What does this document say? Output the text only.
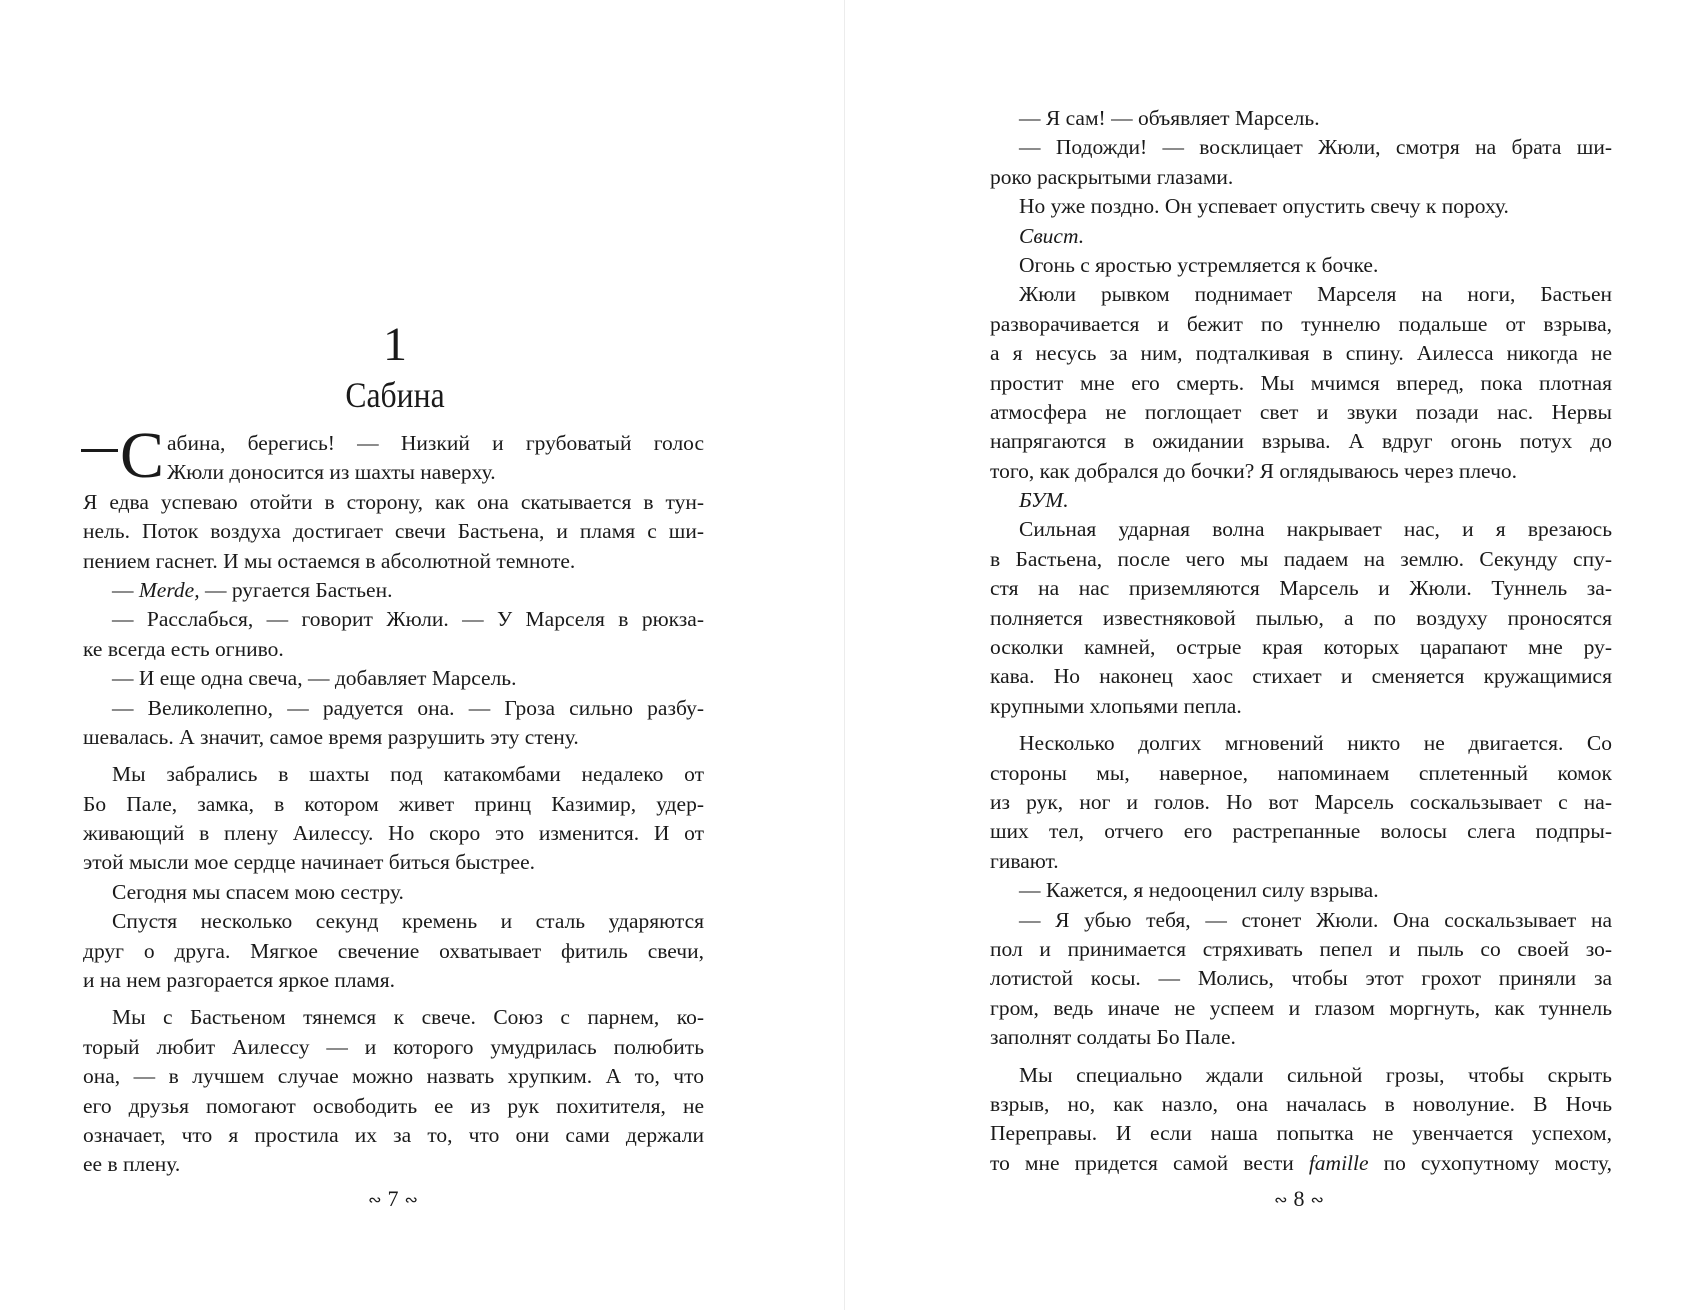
1
Сабина
С абина, берегись! — Низкий и грубоватый голос
Жюли доносится из шахты наверху.
Я едва успеваю отойти в сторону, как она скатывается в тун-
нель. Поток воздуха достигает свечи Бастьена, и пламя с ши-
пением гаснет. И мы остаемся в абсолютной темноте.
— Merde, — ругается Бастьен.
— Расслабься, — говорит Жюли. — У Марселя в рюкза-
ке всегда есть огниво.
— И еще одна свеча, — добавляет Марсель.
— Великолепно, — радуется она. — Гроза сильно разбу-
шевалась. А значит, самое время разрушить эту стену.
Мы забрались в шахты под катакомбами недалеко от
Бо Пале, замка, в котором живет принц Казимир, удер-
живающий в плену Аилессу. Но скоро это изменится. И от
этой мысли мое сердце начинает биться быстрее.
Сегодня мы спасем мою сестру.
Спустя несколько секунд кремень и сталь ударяются
друг о друга. Мягкое свечение охватывает фитиль свечи,
и на нем разгорается яркое пламя.
Мы с Бастьеном тянемся к свече. Союз с парнем, ко-
торый любит Аилессу — и которого умудрилась полюбить
она, — в лучшем случае можно назвать хрупким. А то, что
его друзья помогают освободить ее из рук похитителя, не
означает, что я простила их за то, что они сами держали
ее в плену.
∾ 7 ∾
— Я сам! — объявляет Марсель.
— Подожди! — восклицает Жюли, смотря на брата ши-
роко раскрытыми глазами.
Но уже поздно. Он успевает опустить свечу к пороху.
Свист.
Огонь с яростью устремляется к бочке.
Жюли рывком поднимает Марселя на ноги, Бастьен
разворачивается и бежит по туннелю подальше от взрыва,
а я несусь за ним, подталкивая в спину. Аилесса никогда не
простит мне его смерть. Мы мчимся вперед, пока плотная
атмосфера не поглощает свет и звуки позади нас. Нервы
напрягаются в ожидании взрыва. А вдруг огонь потух до
того, как добрался до бочки? Я оглядываюсь через плечо.
БУМ.
Сильная ударная волна накрывает нас, и я врезаюсь
в Бастьена, после чего мы падаем на землю. Секунду спу-
стя на нас приземляются Марсель и Жюли. Туннель за-
полняется известняковой пылью, а по воздуху проносятся
осколки камней, острые края которых царапают мне ру-
кава. Но наконец хаос стихает и сменяется кружащимися
крупными хлопьями пепла.
Несколько долгих мгновений никто не двигается. Со
стороны мы, наверное, напоминаем сплетенный комок
из рук, ног и голов. Но вот Марсель соскальзывает с на-
ших тел, отчего его растрепанные волосы слега подпры-
гивают.
— Кажется, я недооценил силу взрыва.
— Я убью тебя, — стонет Жюли. Она соскальзывает на
пол и принимается стряхивать пепел и пыль со своей зо-
лотистой косы. — Молись, чтобы этот грохот приняли за
гром, ведь иначе не успеем и глазом моргнуть, как туннель
заполнят солдаты Бо Пале.
Мы специально ждали сильной грозы, чтобы скрыть
взрыв, но, как назло, она началась в новолуние. В Ночь
Переправы. И если наша попытка не увенчается успехом,
то мне придется самой вести famille по сухопутному мосту,
∾ 8 ∾
